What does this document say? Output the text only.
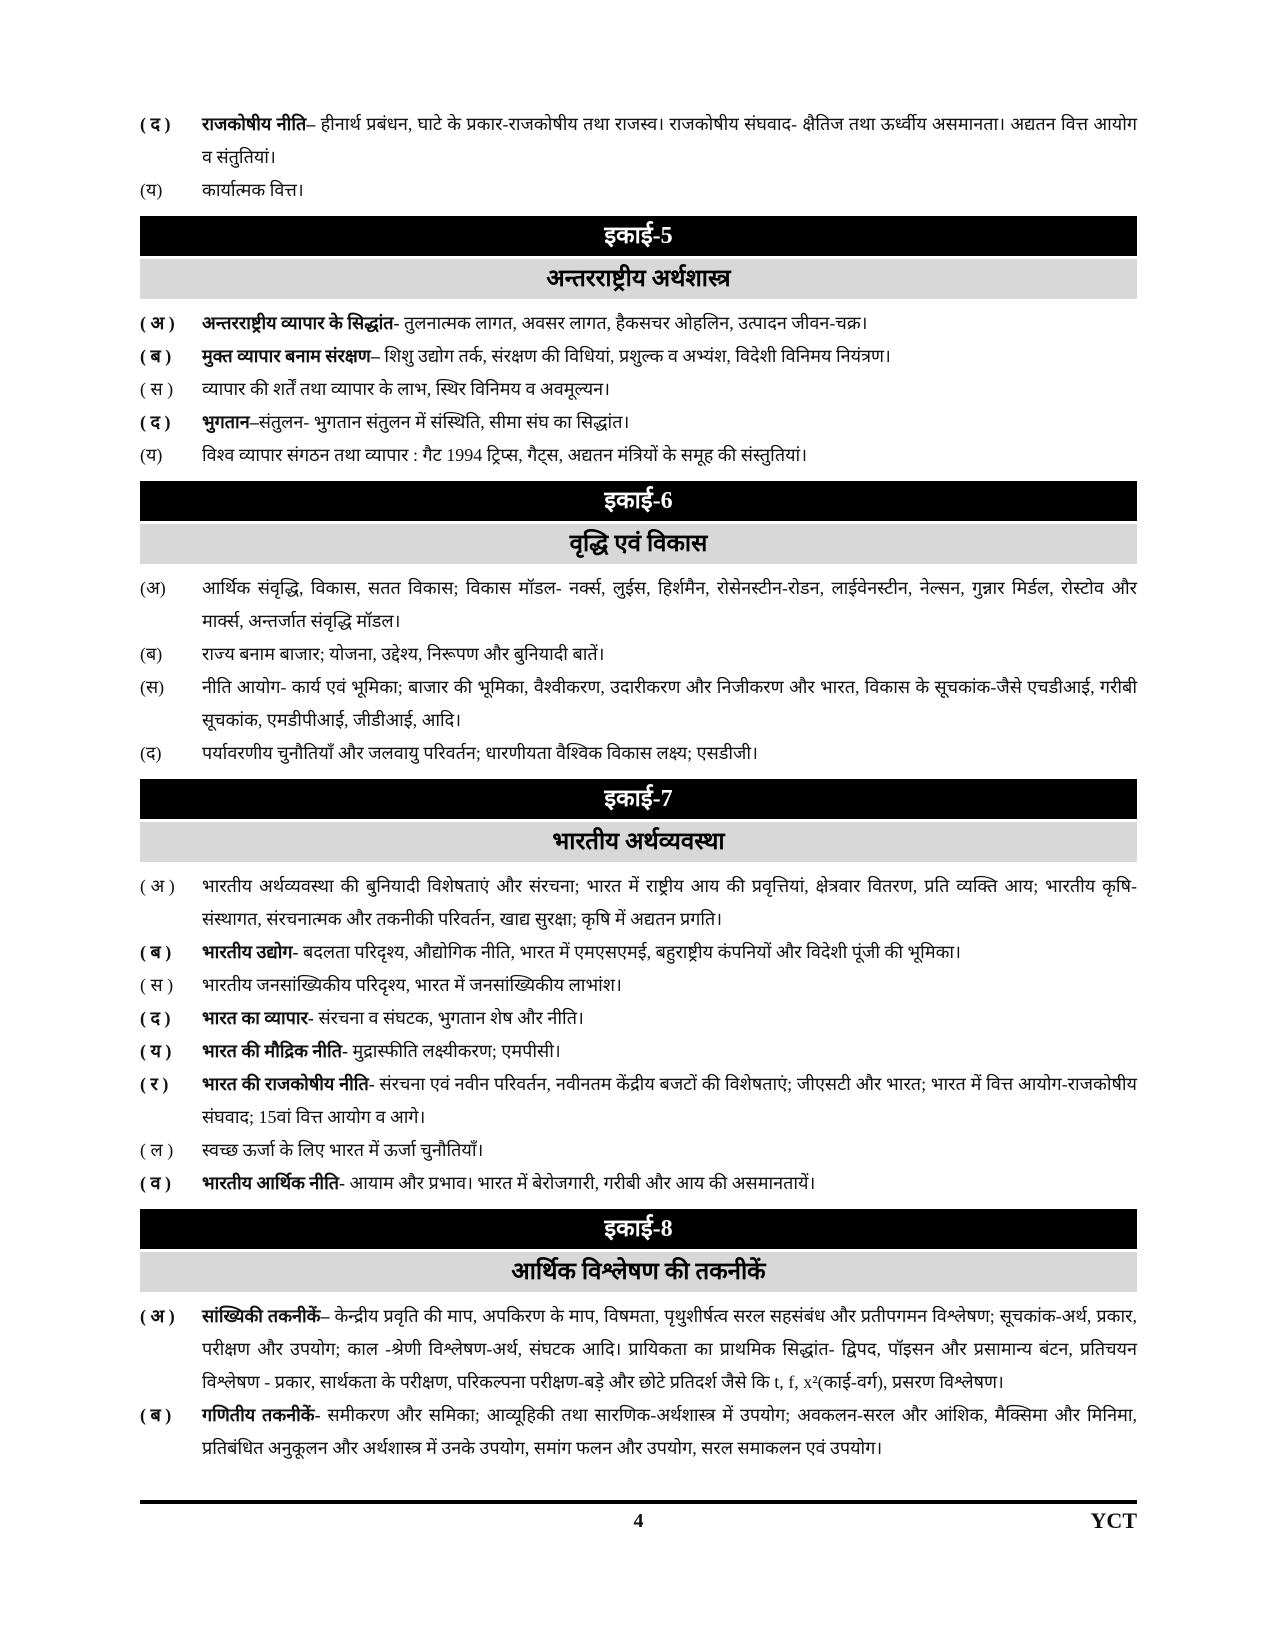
( द )	राजकोषीय नीति– हीनार्थ प्रबंधन, घाटे के प्रकार-राजकोषीय तथा राजस्व। राजकोषीय संघवाद- क्षैतिज तथा ऊर्ध्वीय असमानता। अद्यतन वित्त आयोग व संतुतियां।
(य)	कार्यात्मक वित्त।
इकाई-5
अन्तरराष्ट्रीय अर्थशास्त्र
( अ )	अन्तरराष्ट्रीय व्यापार के सिद्धांत- तुलनात्मक लागत, अवसर लागत, हैकसचर ओहलिन, उत्पादन जीवन-चक्र।
( ब )	मुक्त व्यापार बनाम संरक्षण– शिशु उद्योग तर्क, संरक्षण की विधियां, प्रशुल्क व अभ्यंश, विदेशी विनिमय नियंत्रण।
( स )	व्यापार की शर्तें तथा व्यापार के लाभ, स्थिर विनिमय व अवमूल्यन।
( द )	भुगतान–संतुलन- भुगतान संतुलन में संस्थिति, सीमा संघ का सिद्धांत।
(य)	विश्व व्यापार संगठन तथा व्यापार : गैट 1994 ट्रिप्स, गैट्स, अद्यतन मंत्रियों के समूह की संस्तुतियां।
इकाई-6
वृद्धि एवं विकास
(अ)	आर्थिक संवृद्धि, विकास, सतत विकास; विकास मॉडल- नर्क्स, लुईस, हिर्शमैन, रोसेनस्टीन-रोडन, लाईवेनस्टीन, नेल्सन, गुन्नार मिर्डल, रोस्टोव और मार्क्स, अन्तर्जात संवृद्धि मॉडल।
(ब)	राज्य बनाम बाजार; योजना, उद्देश्य, निरूपण और बुनियादी बातें।
(स)	नीति आयोग- कार्य एवं भूमिका; बाजार की भूमिका, वैश्वीकरण, उदारीकरण और निजीकरण और भारत, विकास के सूचकांक-जैसे एचडीआई, गरीबी सूचकांक, एमडीपीआई, जीडीआई, आदि।
(द)	पर्यावरणीय चुनौतियाँ और जलवायु परिवर्तन; धारणीयता वैश्विक विकास लक्ष्य; एसडीजी।
इकाई-7
भारतीय अर्थव्यवस्था
( अ )	भारतीय अर्थव्यवस्था की बुनियादी विशेषताएं और संरचना; भारत में राष्ट्रीय आय की प्रवृत्तियां, क्षेत्रवार वितरण, प्रति व्यक्ति आय; भारतीय कृषि- संस्थागत, संरचनात्मक और तकनीकी परिवर्तन, खाद्य सुरक्षा; कृषि में अद्यतन प्रगति।
( ब )	भारतीय उद्योग- बदलता परिदृश्य, औद्योगिक नीति, भारत में एमएसएमई, बहुराष्ट्रीय कंपनियों और विदेशी पूंजी की भूमिका।
( स )	भारतीय जनसांख्यिकीय परिदृश्य, भारत में जनसांख्यिकीय लाभांश।
( द )	भारत का व्यापार- संरचना व संघटक, भुगतान शेष और नीति।
( य )	भारत की मौद्रिक नीति- मुद्रास्फीति लक्ष्यीकरण; एमपीसी।
( र )	भारत की राजकोषीय नीति- संरचना एवं नवीन परिवर्तन, नवीनतम केंद्रीय बजटों की विशेषताएं; जीएसटी और भारत; भारत में वित्त आयोग-राजकोषीय संघवाद; 15वां वित्त आयोग व आगे।
( ल )	स्वच्छ ऊर्जा के लिए भारत में ऊर्जा चुनौतियाँ।
( व )	भारतीय आर्थिक नीति- आयाम और प्रभाव। भारत में बेरोजगारी, गरीबी और आय की असमानतायें।
इकाई-8
आर्थिक विश्लेषण की तकनीकें
( अ )	सांख्यिकी तकनीकें– केन्द्रीय प्रवृति की माप, अपकिरण के माप, विषमता, पृथुशीर्षत्व सरल सहसंबंध और प्रतीपगमन विश्लेषण; सूचकांक-अर्थ, प्रकार, परीक्षण और उपयोग; काल -श्रेणी विश्लेषण-अर्थ, संघटक आदि। प्रायिकता का प्राथमिक सिद्धांत- द्विपद, पॉइसन और प्रसामान्य बंटन, प्रतिचयन विश्लेषण - प्रकार, सार्थकता के परीक्षण, परिकल्पना परीक्षण-बड़े और छोटे प्रतिदर्श जैसे कि t, f, x²(काई-वर्ग), प्रसरण विश्लेषण।
( ब )	गणितीय तकनीकें- समीकरण और समिका; आव्यूहिकी तथा सारणिक-अर्थशास्त्र में उपयोग; अवकलन-सरल और आंशिक, मैक्सिमा और मिनिमा, प्रतिबंधित अनुकूलन और अर्थशास्त्र में उनके उपयोग, समांग फलन और उपयोग, सरल समाकलन एवं उपयोग।
4	YCT
